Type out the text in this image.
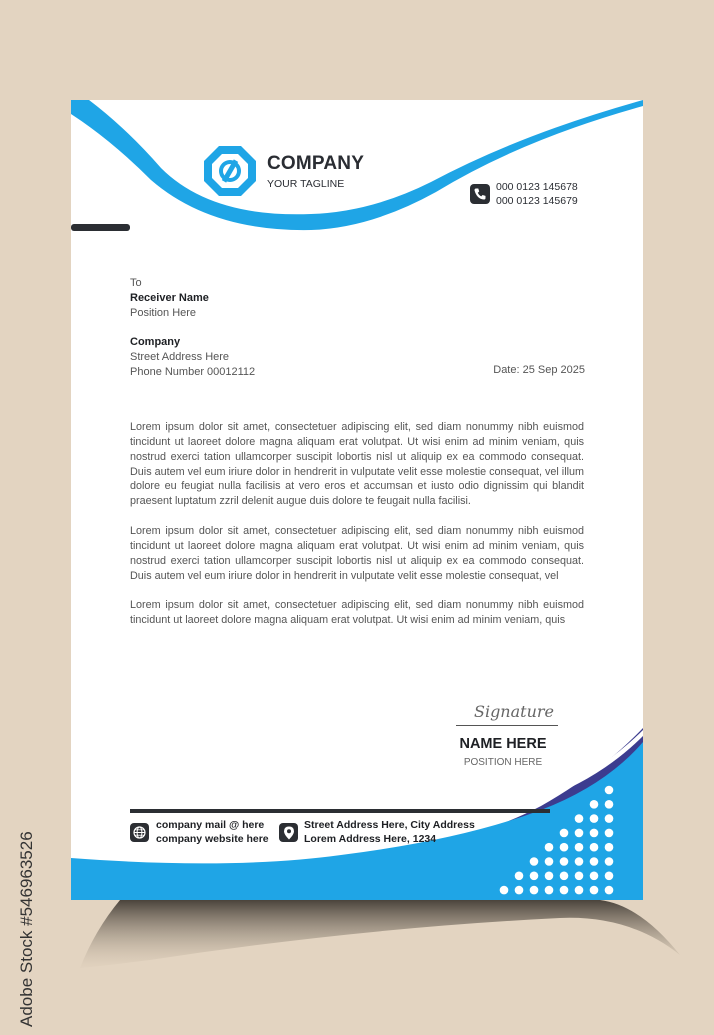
Adobe Stock #546963526
COMPANY
YOUR TAGLINE	000 0123 145678
000 0123 145679
To
Receiver Name
Position Here
Company
Street Address Here
Phone Number 00012112	Date: 25 Sep 2025

Lorem ipsum dolor sit amet, consectetuer adipiscing elit, sed diam nonummy nibh euismod tincidunt ut laoreet dolore magna aliquam erat volutpat. Ut wisi enim ad minim veniam, quis nostrud exerci tation ullamcorper suscipit lobortis nisl ut aliquip ex ea commodo consequat. Duis autem vel eum iriure dolor in hendrerit in vulputate velit esse molestie consequat, vel illum dolore eu feugiat nulla facilisis at vero eros et accumsan et iusto odio dignissim qui blandit praesent luptatum zzril delenit augue duis dolore te feugait nulla facilisi.

Lorem ipsum dolor sit amet, consectetuer adipiscing elit, sed diam nonummy nibh euismod tincidunt ut laoreet dolore magna aliquam erat volutpat. Ut wisi enim ad minim veniam, quis nostrud exerci tation ullamcorper suscipit lobortis nisl ut aliquip ex ea commodo consequat. Duis autem vel eum iriure dolor in hendrerit in vulputate velit esse molestie consequat, vel

Lorem ipsum dolor sit amet, consectetuer adipiscing elit, sed diam nonummy nibh euismod tincidunt ut laoreet dolore magna aliquam erat volutpat. Ut wisi enim ad minim veniam, quis

Signature
NAME HERE
POSITION HERE
company mail @ here
company website here
Street Address Here, City Address
Lorem Address Here, 1234
